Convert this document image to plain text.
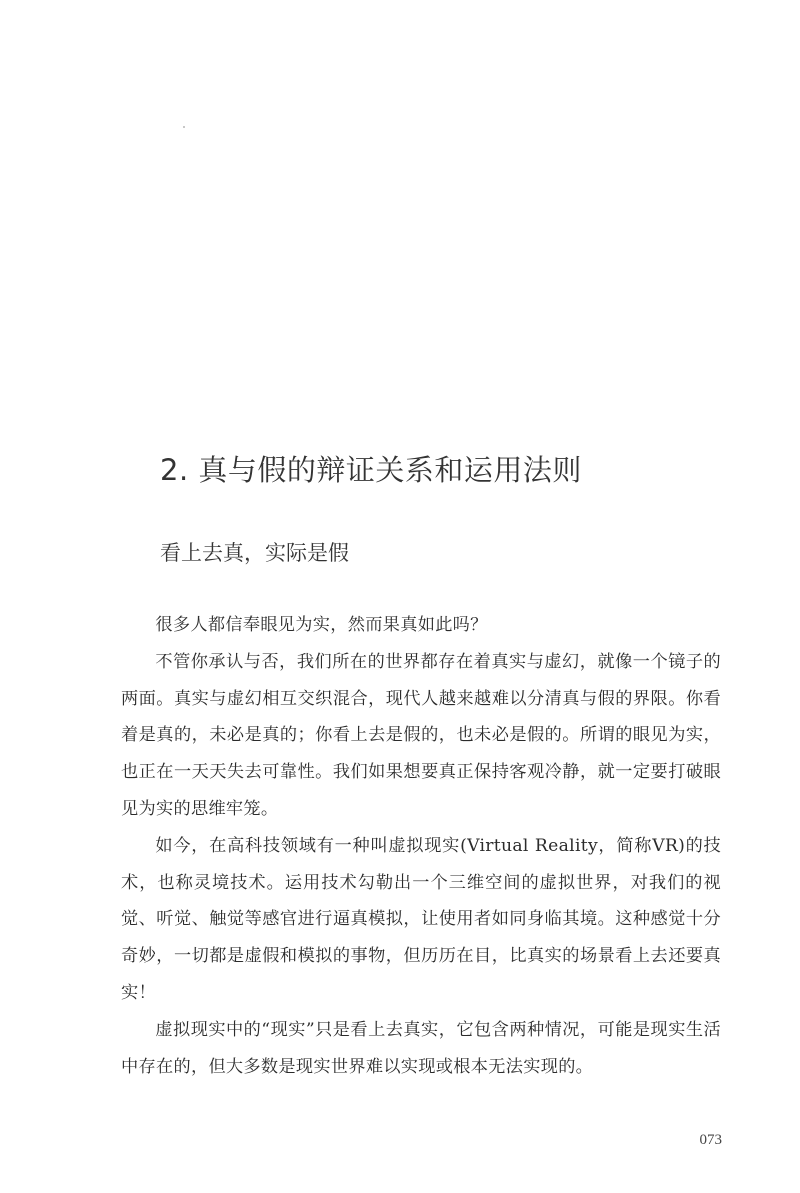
2. 真与假的辩证关系和运用法则
看上去真，实际是假

很多人都信奉眼见为实，然而果真如此吗？

不管你承认与否，我们所在的世界都存在着真实与虚幻，就像一个镜子的两面。真实与虚幻相互交织混合，现代人越来越难以分清真与假的界限。你看着是真的，未必是真的；你看上去是假的，也未必是假的。所谓的眼见为实，也正在一天天失去可靠性。我们如果想要真正保持客观冷静，就一定要打破眼见为实的思维牢笼。

如今，在高科技领域有一种叫虚拟现实(Virtual Reality，简称VR)的技术，也称灵境技术。运用技术勾勒出一个三维空间的虚拟世界，对我们的视觉、听觉、触觉等感官进行逼真模拟，让使用者如同身临其境。这种感觉十分奇妙，一切都是虚假和模拟的事物，但历历在目，比真实的场景看上去还要真实！

虚拟现实中的“现实”只是看上去真实，它包含两种情况，可能是现实生活中存在的，但大多数是现实世界难以实现或根本无法实现的。

073
